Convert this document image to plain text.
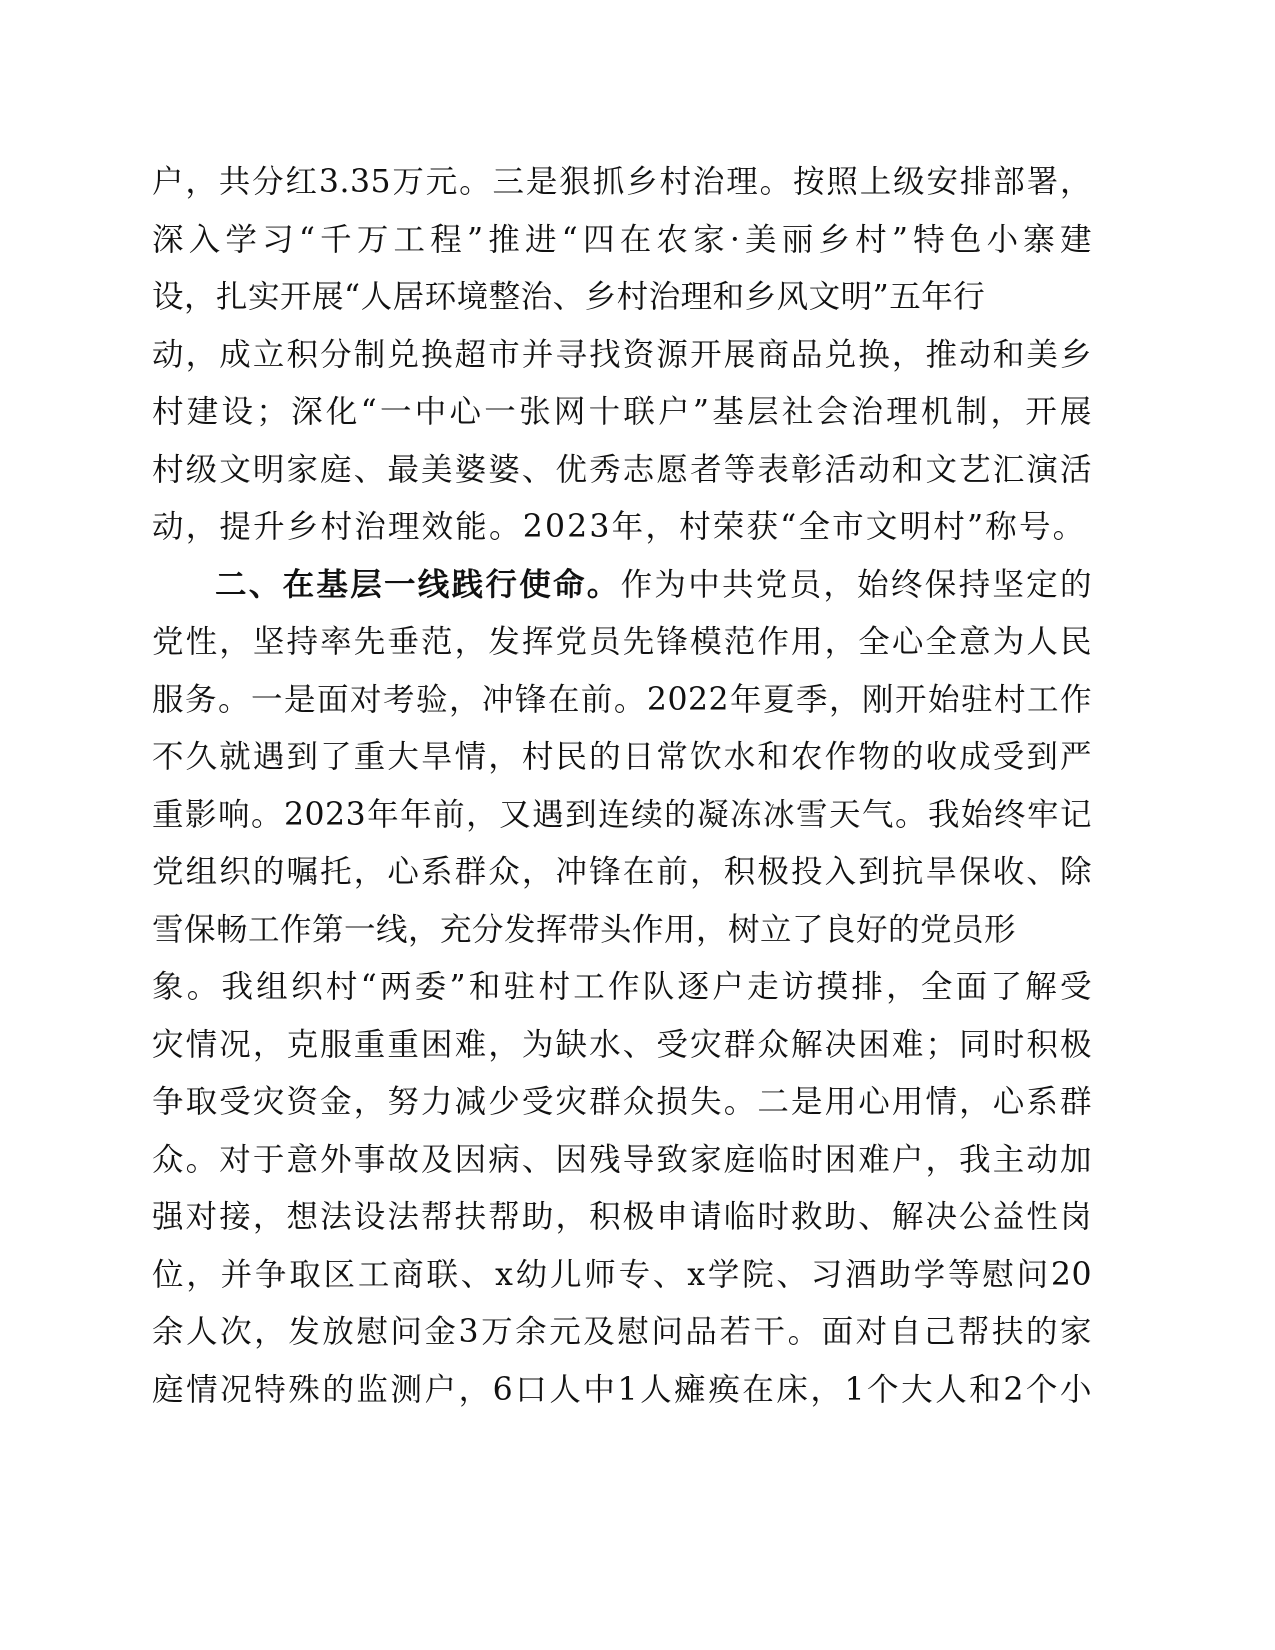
户，共分红3.35万元。三是狠抓乡村治理。按照上级安排部署，
深入学习“千万工程”推进“四在农家·美丽乡村”特色小寨建
设，扎实开展“人居环境整治、乡村治理和乡风文明”五年行
动，成立积分制兑换超市并寻找资源开展商品兑换，推动和美乡
村建设；深化“一中心一张网十联户”基层社会治理机制，开展
村级文明家庭、最美婆婆、优秀志愿者等表彰活动和文艺汇演活
动，提升乡村治理效能。2023年，村荣获“全市文明村”称号。
二、在基层一线践行使命。作为中共党员，始终保持坚定的
党性，坚持率先垂范，发挥党员先锋模范作用，全心全意为人民
服务。一是面对考验，冲锋在前。2022年夏季，刚开始驻村工作
不久就遇到了重大旱情，村民的日常饮水和农作物的收成受到严
重影响。2023年年前，又遇到连续的凝冻冰雪天气。我始终牢记
党组织的嘱托，心系群众，冲锋在前，积极投入到抗旱保收、除
雪保畅工作第一线，充分发挥带头作用，树立了良好的党员形
象。我组织村“两委”和驻村工作队逐户走访摸排，全面了解受
灾情况，克服重重困难，为缺水、受灾群众解决困难；同时积极
争取受灾资金，努力减少受灾群众损失。二是用心用情，心系群
众。对于意外事故及因病、因残导致家庭临时困难户，我主动加
强对接，想法设法帮扶帮助，积极申请临时救助、解决公益性岗
位，并争取区工商联、x幼儿师专、x学院、习酒助学等慰问20
余人次，发放慰问金3万余元及慰问品若干。面对自己帮扶的家
庭情况特殊的监测户，6口人中1人瘫痪在床，1个大人和2个小
